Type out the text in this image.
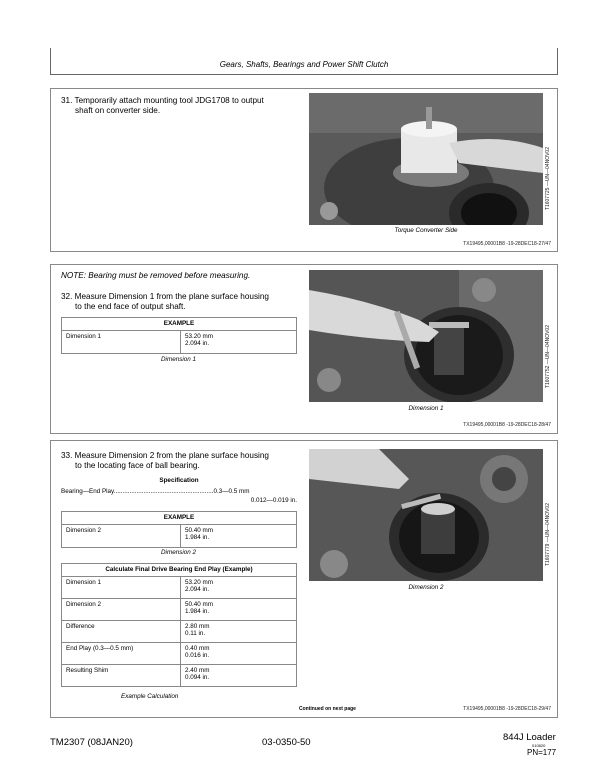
Gears, Shafts, Bearings and Power Shift Clutch
31. Temporarily attach mounting tool JDG1708 to output
shaft on converter side.
T1607725 —UN—04NOV02
Torque Converter Side
TX19495,00001B8 -19-28DEC18-27/47
NOTE: Bearing must be removed before measuring.
32. Measure Dimension 1 from the plane surface housing
to the end face of output shaft.
EXAMPLE
Dimension 1	53.20 mm
2.094 in.
Dimension 1	T1607752 —UN—04NOV02
Dimension 1
TX19495,00001B8 -19-28DEC18-28/47
33. Measure Dimension 2 from the plane surface housing
to the locating face of ball bearing.
Specification
Bearing—End Play.........................................................0.3—0.5 mm
0.012—0.019 in.
EXAMPLE
Dimension 2	50.40 mm
1.984 in.
Dimension 2
Calculate Final Drive Bearing End Play (Example)	
Dimension 1	53.20 mm
2.094 in.

Dimension 2	50.40 mm
1.984 in.

Difference	2.80 mm
0.11 in.

End Play (0.3—0.5 mm)	0.40 mm
0.016 in.

Resulting Shim	2.40 mm
0.094 in.
Example Calculation
T1607779 —UN—04NOV02
Dimension 2
Continued on next page	TX19495,00001B8 -19-28DEC18-29/47
TM2307 (08JAN20)	03-0350-50	844J Loader
010820
PN=177
